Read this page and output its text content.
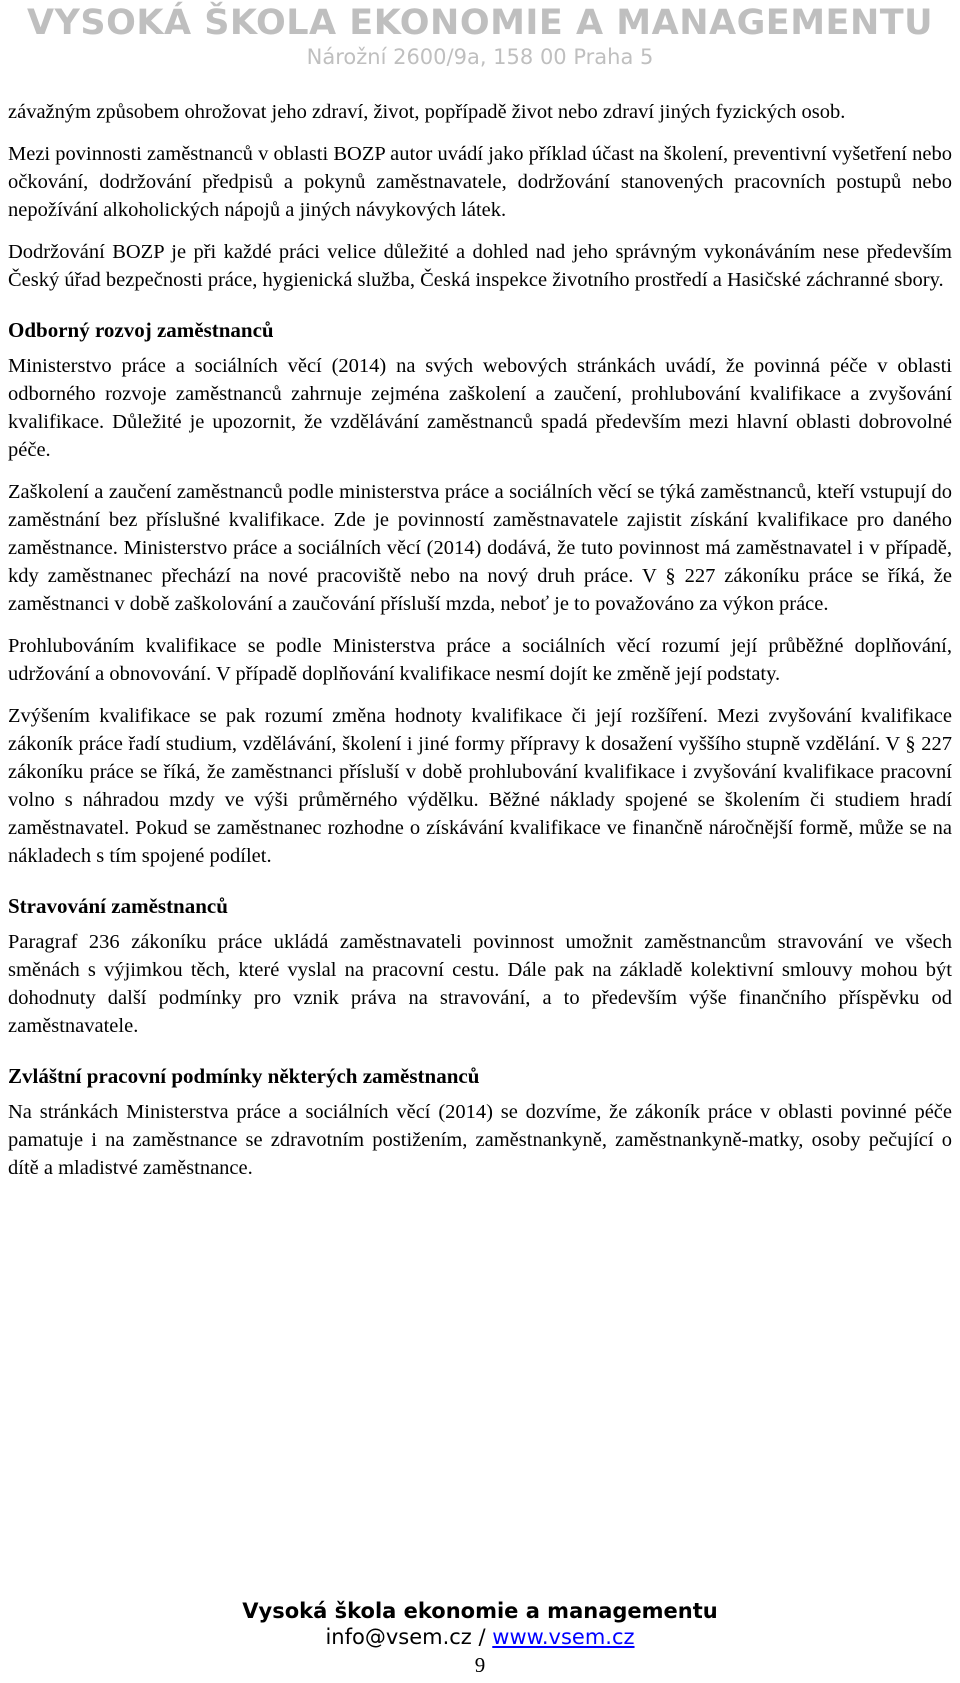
VYSOKÁ ŠKOLA EKONOMIE A MANAGEMENTU
Nárožní 2600/9a, 158 00 Praha 5

závažným způsobem ohrožovat jeho zdraví, život, popřípadě život nebo zdraví jiných fyzických osob.

Mezi povinnosti zaměstnanců v oblasti BOZP autor uvádí jako příklad účast na školení, preventivní vyšetření nebo očkování, dodržování předpisů a pokynů zaměstnavatele, dodržování stanovených pracovních postupů nebo nepožívání alkoholických nápojů a jiných návykových látek.

Dodržování BOZP je při každé práci velice důležité a dohled nad jeho správným vykonáváním nese především Český úřad bezpečnosti práce, hygienická služba, Česká inspekce životního prostředí a Hasičské záchranné sbory.

Odborný rozvoj zaměstnanců

Ministerstvo práce a sociálních věcí (2014) na svých webových stránkách uvádí, že povinná péče v oblasti odborného rozvoje zaměstnanců zahrnuje zejména zaškolení a zaučení, prohlubování kvalifikace a zvyšování kvalifikace. Důležité je upozornit, že vzdělávání zaměstnanců spadá především mezi hlavní oblasti dobrovolné péče.

Zaškolení a zaučení zaměstnanců podle ministerstva práce a sociálních věcí se týká zaměstnanců, kteří vstupují do zaměstnání bez příslušné kvalifikace. Zde je povinností zaměstnavatele zajistit získání kvalifikace pro daného zaměstnance. Ministerstvo práce a sociálních věcí (2014) dodává, že tuto povinnost má zaměstnavatel i v případě, kdy zaměstnanec přechází na nové pracoviště nebo na nový druh práce. V § 227 zákoníku práce se říká, že zaměstnanci v době zaškolování a zaučování přísluší mzda, neboť je to považováno za výkon práce.

Prohlubováním kvalifikace se podle Ministerstva práce a sociálních věcí rozumí její průběžné doplňování, udržování a obnovování. V případě doplňování kvalifikace nesmí dojít ke změně její podstaty.

Zvýšením kvalifikace se pak rozumí změna hodnoty kvalifikace či její rozšíření. Mezi zvyšování kvalifikace zákoník práce řadí studium, vzdělávání, školení i jiné formy přípravy k dosažení vyššího stupně vzdělání. V § 227 zákoníku práce se říká, že zaměstnanci přísluší v době prohlubování kvalifikace i zvyšování kvalifikace pracovní volno s náhradou mzdy ve výši průměrného výdělku. Běžné náklady spojené se školením či studiem hradí zaměstnavatel. Pokud se zaměstnanec rozhodne o získávání kvalifikace ve finančně náročnější formě, může se na nákladech s tím spojené podílet.

Stravování zaměstnanců

Paragraf 236 zákoníku práce ukládá zaměstnavateli povinnost umožnit zaměstnancům stravování ve všech směnách s výjimkou těch, které vyslal na pracovní cestu. Dále pak na základě kolektivní smlouvy mohou být dohodnuty další podmínky pro vznik práva na stravování, a to především výše finančního příspěvku od zaměstnavatele.

Zvláštní pracovní podmínky některých zaměstnanců

Na stránkách Ministerstva práce a sociálních věcí (2014) se dozvíme, že zákoník práce v oblasti povinné péče pamatuje i na zaměstnance se zdravotním postižením, zaměstnankyně, zaměstnankyně-matky, osoby pečující o dítě a mladistvé zaměstnance.

Vysoká škola ekonomie a managementu
info@vsem.cz / www.vsem.cz
9
